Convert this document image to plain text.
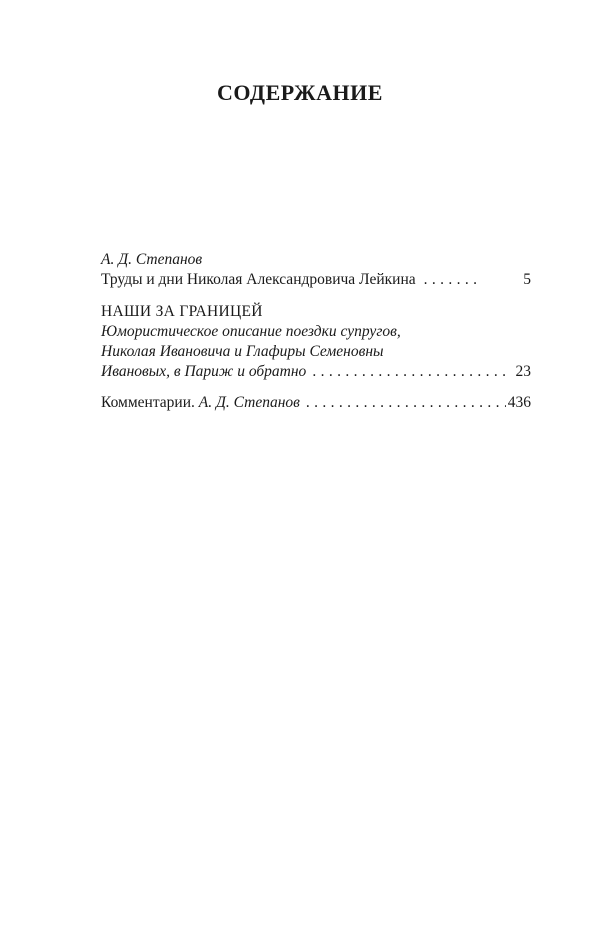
СОДЕРЖАНИЕ
А. Д. Степанов
Труды и дни Николая Александровича Лейкина . . .	5
НАШИ ЗА ГРАНИЦЕЙ
Юмористическое описание поездки супругов,
Николая Ивановича и Глафиры Семеновны
Ивановых, в Париж и обратно . . .	23
Комментарии. А. Д. Степанов . . .	436
